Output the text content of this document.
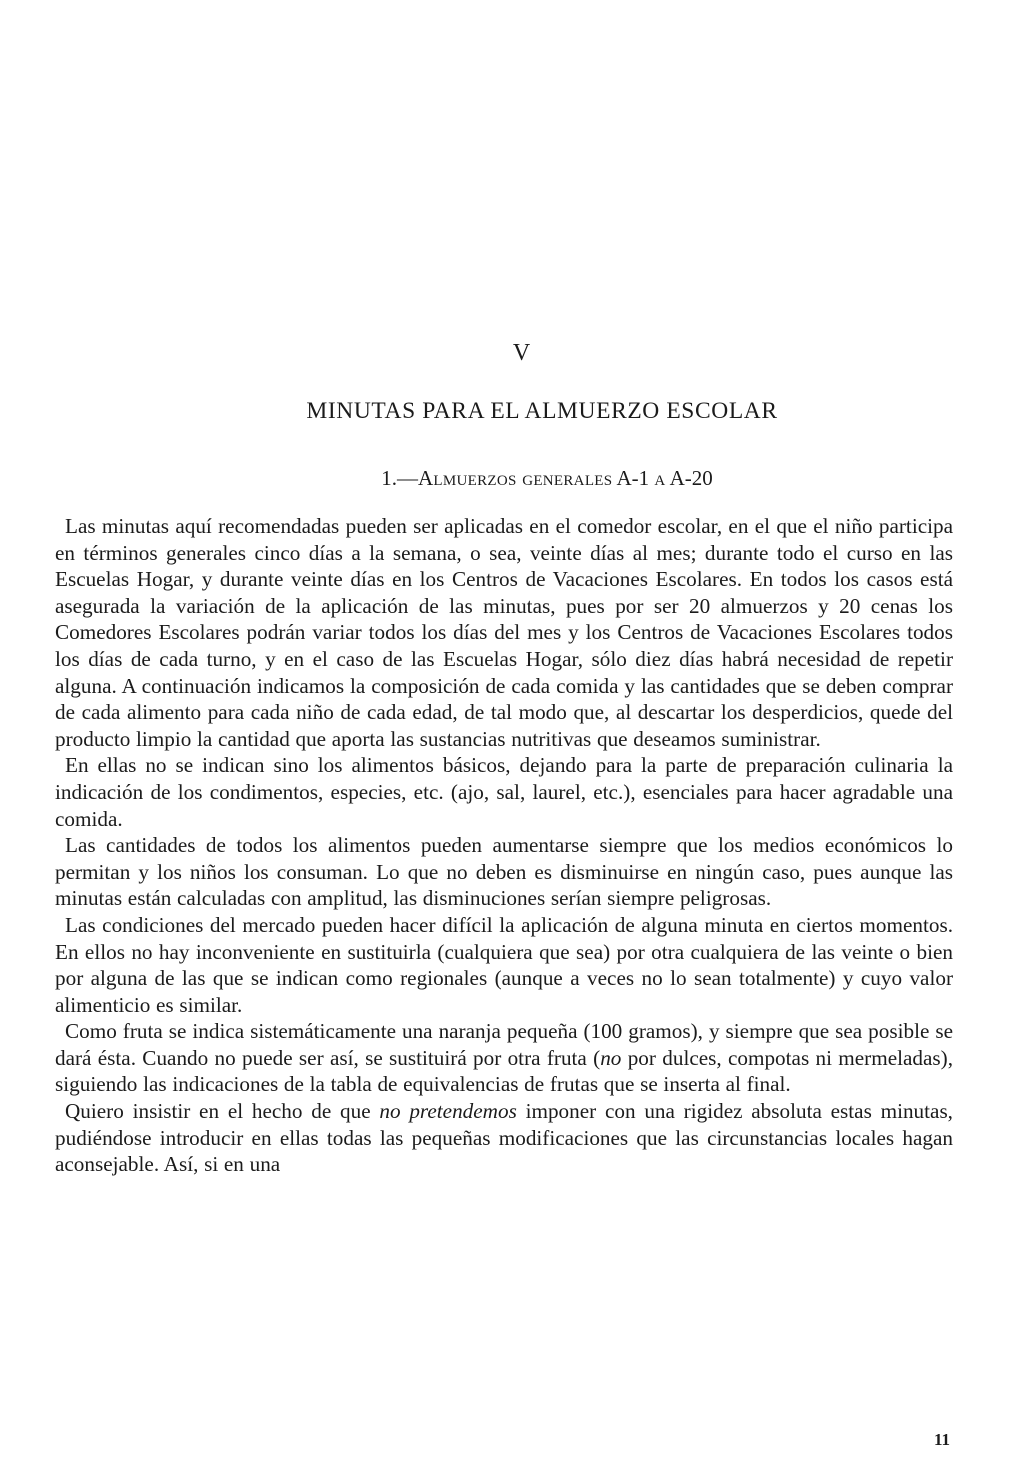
V
MINUTAS PARA EL ALMUERZO ESCOLAR
1.—Almuerzos generales A-1 a A-20

Las minutas aquí recomendadas pueden ser aplicadas en el comedor escolar, en el que el niño participa en términos generales cinco días a la semana, o sea, veinte días al mes; durante todo el curso en las Escuelas Hogar, y durante veinte días en los Centros de Vacaciones Escolares. En todos los casos está asegurada la variación de la aplicación de las minutas, pues por ser 20 almuerzos y 20 cenas los Comedores Escolares podrán variar todos los días del mes y los Centros de Vacaciones Escolares todos los días de cada turno, y en el caso de las Escuelas Hogar, sólo diez días habrá necesidad de repetir alguna. A continuación indicamos la composición de cada comida y las cantidades que se deben comprar de cada alimento para cada niño de cada edad, de tal modo que, al descartar los desperdicios, quede del producto limpio la cantidad que aporta las sustancias nutritivas que deseamos suministrar.

En ellas no se indican sino los alimentos básicos, dejando para la parte de preparación culinaria la indicación de los condimentos, especies, etc. (ajo, sal, laurel, etc.), esenciales para hacer agradable una comida.

Las cantidades de todos los alimentos pueden aumentarse siempre que los medios económicos lo permitan y los niños los consuman. Lo que no deben es disminuirse en ningún caso, pues aunque las minutas están calculadas con amplitud, las disminuciones serían siempre peligrosas.

Las condiciones del mercado pueden hacer difícil la aplicación de alguna minuta en ciertos momentos. En ellos no hay inconveniente en sustituirla (cualquiera que sea) por otra cualquiera de las veinte o bien por alguna de las que se indican como regionales (aunque a veces no lo sean totalmente) y cuyo valor alimenticio es similar.

Como fruta se indica sistemáticamente una naranja pequeña (100 gramos), y siempre que sea posible se dará ésta. Cuando no puede ser así, se sustituirá por otra fruta (no por dulces, compotas ni mermeladas), siguiendo las indicaciones de la tabla de equivalencias de frutas que se inserta al final.

Quiero insistir en el hecho de que no pretendemos imponer con una rigidez absoluta estas minutas, pudiéndose introducir en ellas todas las pequeñas modificaciones que las circunstancias locales hagan aconsejable. Así, si en una

11
